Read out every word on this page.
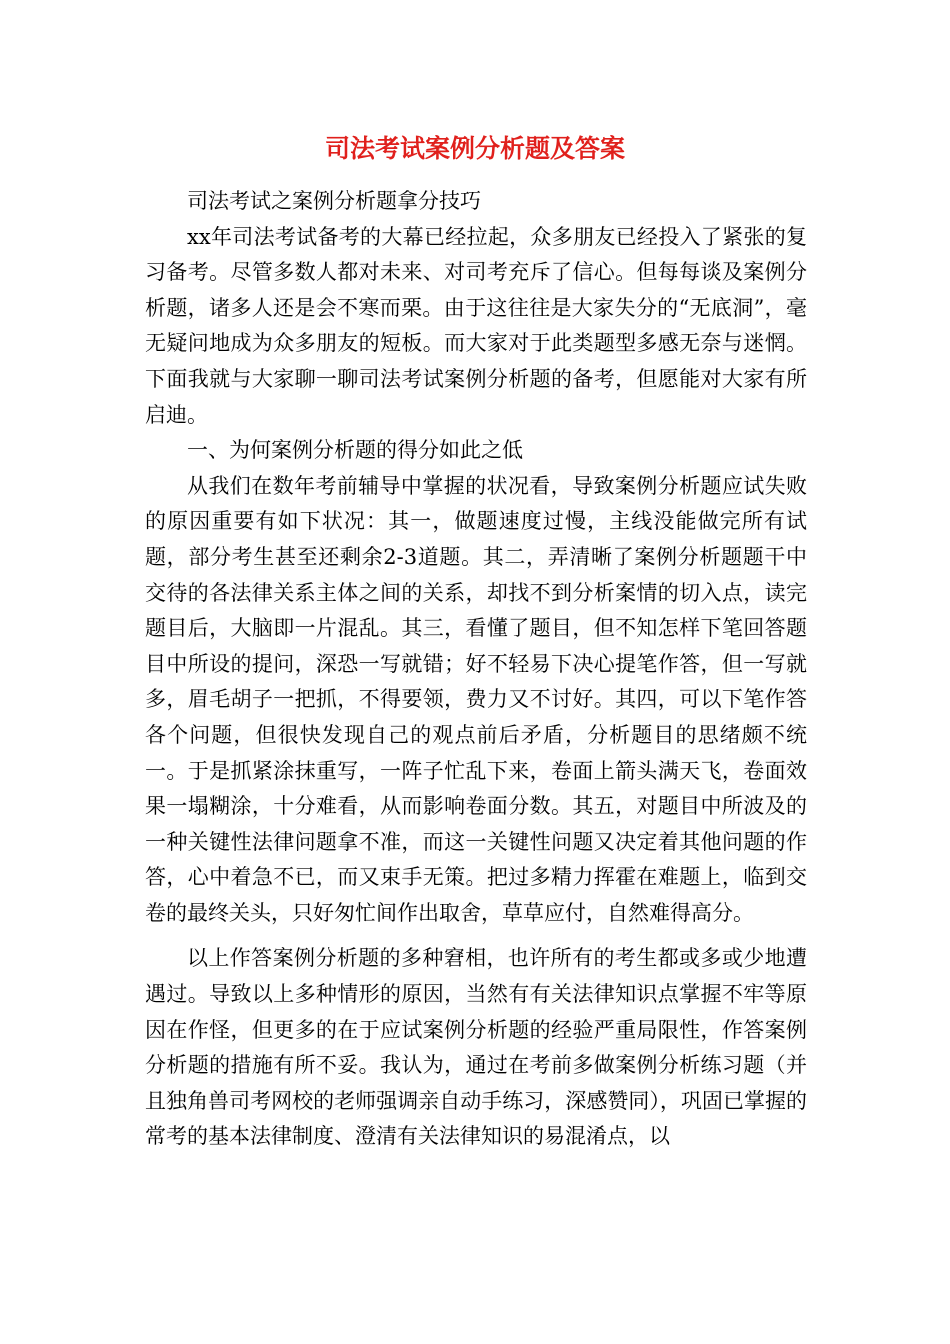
司法考试案例分析题及答案

司法考试之案例分析题拿分技巧

xx年司法考试备考的大幕已经拉起，众多朋友已经投入了紧张的复习备考。尽管多数人都对未来、对司考充斥了信心。但每每谈及案例分析题，诸多人还是会不寒而栗。由于这往往是大家失分的“无底洞”，毫无疑问地成为众多朋友的短板。而大家对于此类题型多感无奈与迷惘。下面我就与大家聊一聊司法考试案例分析题的备考，但愿能对大家有所启迪。

一、为何案例分析题的得分如此之低

从我们在数年考前辅导中掌握的状况看，导致案例分析题应试失败的原因重要有如下状况：其一，做题速度过慢，主线没能做完所有试题，部分考生甚至还剩余2-3道题。其二，弄清晰了案例分析题题干中交待的各法律关系主体之间的关系，却找不到分析案情的切入点，读完题目后，大脑即一片混乱。其三，看懂了题目，但不知怎样下笔回答题目中所设的提问，深恐一写就错；好不轻易下决心提笔作答，但一写就多，眉毛胡子一把抓，不得要领，费力又不讨好。其四，可以下笔作答各个问题，但很快发现自己的观点前后矛盾，分析题目的思绪颇不统一。于是抓紧涂抹重写，一阵子忙乱下来，卷面上箭头满天飞，卷面效果一塌糊涂，十分难看，从而影响卷面分数。其五，对题目中所波及的一种关键性法律问题拿不准，而这一关键性问题又决定着其他问题的作答，心中着急不已，而又束手无策。把过多精力挥霍在难题上，临到交卷的最终关头，只好匆忙间作出取舍，草草应付，自然难得高分。

以上作答案例分析题的多种窘相，也许所有的考生都或多或少地遭遇过。导致以上多种情形的原因，当然有有关法律知识点掌握不牢等原因在作怪，但更多的在于应试案例分析题的经验严重局限性，作答案例分析题的措施有所不妥。我认为，通过在考前多做案例分析练习题（并且独角兽司考网校的老师强调亲自动手练习，深感赞同），巩固已掌握的常考的基本法律制度、澄清有关法律知识的易混淆点，以
